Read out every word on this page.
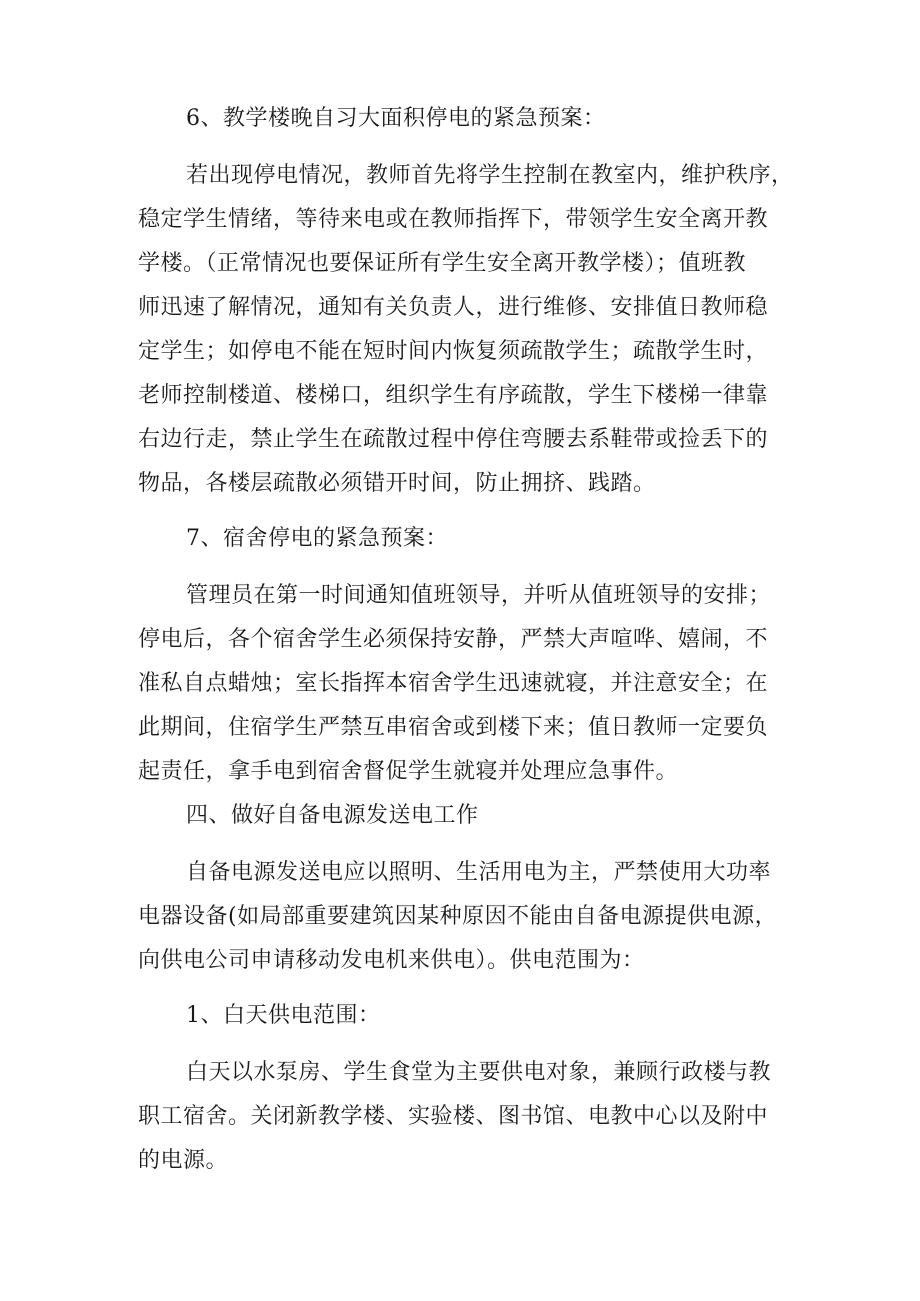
6、教学楼晚自习大面积停电的紧急预案：

若出现停电情况，教师首先将学生控制在教室内，维护秩序，
稳定学生情绪，等待来电或在教师指挥下，带领学生安全离开教
学楼。（正常情况也要保证所有学生安全离开教学楼）；值班教
师迅速了解情况，通知有关负责人，进行维修、安排值日教师稳
定学生；如停电不能在短时间内恢复须疏散学生；疏散学生时，
老师控制楼道、楼梯口，组织学生有序疏散，学生下楼梯一律靠
右边行走，禁止学生在疏散过程中停住弯腰去系鞋带或捡丢下的
物品，各楼层疏散必须错开时间，防止拥挤、践踏。

7、宿舍停电的紧急预案：

管理员在第一时间通知值班领导，并听从值班领导的安排；
停电后，各个宿舍学生必须保持安静，严禁大声喧哗、嬉闹，不
准私自点蜡烛；室长指挥本宿舍学生迅速就寝，并注意安全；在
此期间，住宿学生严禁互串宿舍或到楼下来；值日教师一定要负
起责任，拿手电到宿舍督促学生就寝并处理应急事件。

四、做好自备电源发送电工作

自备电源发送电应以照明、生活用电为主，严禁使用大功率
电器设备(如局部重要建筑因某种原因不能由自备电源提供电源，
向供电公司申请移动发电机来供电）。供电范围为：

1、白天供电范围：

白天以水泵房、学生食堂为主要供电对象，兼顾行政楼与教
职工宿舍。关闭新教学楼、实验楼、图书馆、电教中心以及附中
的电源。
